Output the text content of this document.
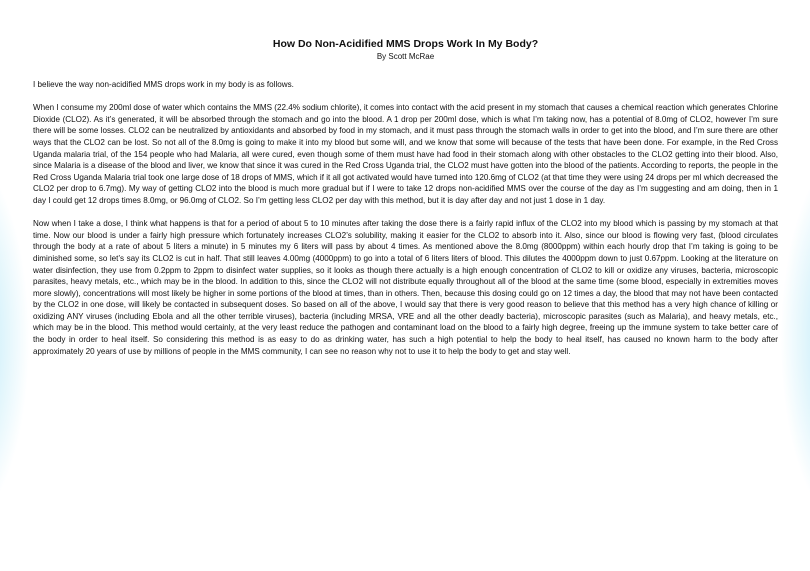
How Do Non-Acidified MMS Drops Work In My Body?
By Scott McRae

I believe the way non-acidified MMS drops work in my body is as follows.

When I consume my 200ml dose of water which contains the MMS (22.4% sodium chlorite), it comes into contact with the acid present in my stomach that causes a chemical reaction which generates Chlorine Dioxide (CLO2). As it’s generated, it will be absorbed through the stomach and go into the blood. A 1 drop per 200ml dose, which is what I’m taking now, has a potential of 8.0mg of CLO2, however I’m sure there will be some losses. CLO2 can be neutralized by antioxidants and absorbed by food in my stomach, and it must pass through the stomach walls in order to get into the blood, and I’m sure there are other ways that the CLO2 can be lost. So not all of the 8.0mg is going to make it into my blood but some will, and we know that some will because of the tests that have been done. For example, in the Red Cross Uganda malaria trial, of the 154 people who had Malaria, all were cured, even though some of them must have had food in their stomach along with other obstacles to the CLO2 getting into their blood. Also, since Malaria is a disease of the blood and liver, we know that since it was cured in the Red Cross Uganda trial, the CLO2 must have gotten into the blood of the patients. According to reports, the people in the Red Cross Uganda Malaria trial took one large dose of 18 drops of MMS, which if it all got activated would have turned into 120.6mg of CLO2 (at that time they were using 24 drops per ml which decreased the CLO2 per drop to 6.7mg). My way of getting CLO2 into the blood is much more gradual but if I were to take 12 drops non-acidified MMS over the course of the day as I’m suggesting and am doing, then in 1 day I could get 12 drops times 8.0mg, or 96.0mg of CLO2. So I’m getting less CLO2 per day with this method, but it is day after day and not just 1 dose in 1 day.

Now when I take a dose, I think what happens is that for a period of about 5 to 10 minutes after taking the dose there is a fairly rapid influx of the CLO2 into my blood which is passing by my stomach at that time. Now our blood is under a fairly high pressure which fortunately increases CLO2’s solubility, making it easier for the CLO2 to absorb into it. Also, since our blood is flowing very fast, (blood circulates through the body at a rate of about 5 liters a minute) in 5 minutes my 6 liters will pass by about 4 times. As mentioned above the 8.0mg (8000ppm) within each hourly drop that I’m taking is going to be diminished some, so let’s say its CLO2 is cut in half. That still leaves 4.00mg (4000ppm) to go into a total of 6 liters liters of blood. This dilutes the 4000ppm down to just 0.67ppm. Looking at the literature on water disinfection, they use from 0.2ppm to 2ppm to disinfect water supplies, so it looks as though there actually is a high enough concentration of CLO2 to kill or oxidize any viruses, bacteria, microscopic parasites, heavy metals, etc., which may be in the blood. In addition to this, since the CLO2 will not distribute equally throughout all of the blood at the same time (some blood, especially in extremities moves more slowly), concentrations will most likely be higher in some portions of the blood at times, than in others. Then, because this dosing could go on 12 times a day, the blood that may not have been contacted by the CLO2 in one dose, will likely be contacted in subsequent doses. So based on all of the above, I would say that there is very good reason to believe that this method has a very high chance of killing or oxidizing ANY viruses (including Ebola and all the other terrible viruses), bacteria (including MRSA, VRE and all the other deadly bacteria), microscopic parasites (such as Malaria), and heavy metals, etc., which may be in the blood. This method would certainly, at the very least reduce the pathogen and contaminant load on the blood to a fairly high degree, freeing up the immune system to take better care of the body in order to heal itself. So considering this method is as easy to do as drinking water, has such a high potential to help the body to heal itself, has caused no known harm to the body after approximately 20 years of use by millions of people in the MMS community, I can see no reason why not to use it to help the body to get and stay well.
